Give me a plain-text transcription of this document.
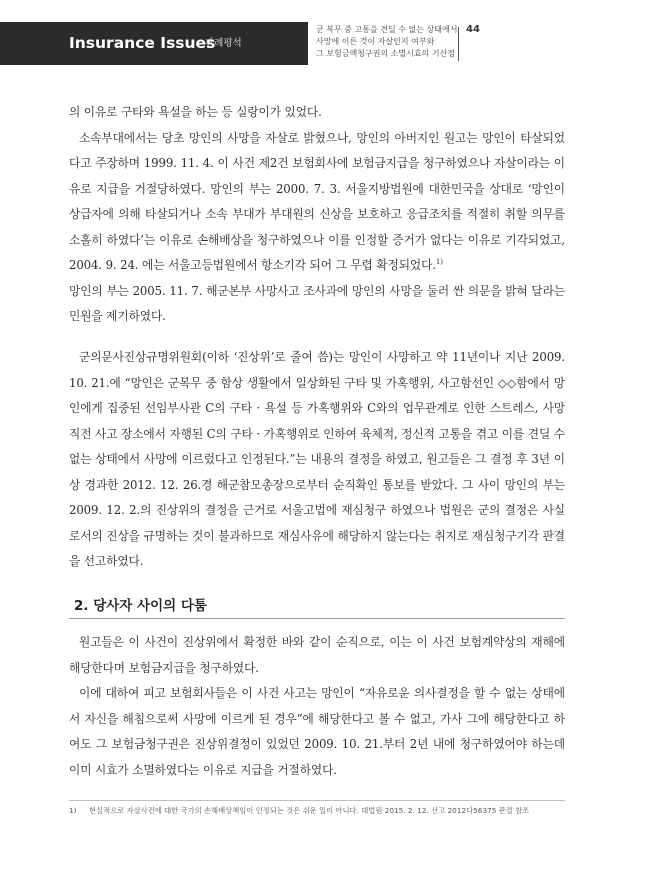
Insurance Issues
판례평석
군 복무 중 고통을 견딜 수 없는 상태에서
사망에 이른 것이 자살인지 여부와
그 보험금액청구권의 소멸시효의 기산점
44

의 이유로 구타와 욕설을 하는 등 실랑이가 있었다.

소속부대에서는 당초 망인의 사망을 자살로 밝혔으나, 망인의 아버지인 원고는 망인이 타살되었다고 주장하며 1999. 11. 4. 이 사건 제2건 보험회사에 보험금지급을 청구하였으나 자살이라는 이유로 지급을 거절당하였다. 망인의 부는 2000. 7. 3. 서울지방법원에 대한민국을 상대로 ‘망인이 상급자에 의해 타살되거나 소속 부대가 부대원의 신상을 보호하고 응급조치를 적절히 취할 의무를 소홀히 하였다’는 이유로 손해배상을 청구하였으나 이를 인정할 증거가 없다는 이유로 기각되었고, 2004. 9. 24. 에는 서울고등법원에서 항소기각 되어 그 무렵 확정되었다.$^{1)}$

망인의 부는 2005. 11. 7. 해군본부 사망사고 조사과에 망인의 사망을 둘러 싼 의문을 밝혀 달라는 민원을 제기하였다.

군의문사진상규명위원회(이하 ‘진상위’로 줄여 씀)는 망인이 사망하고 약 11년이나 지난 2009. 10. 21.에 “망인은 군복무 중 함상 생활에서 일상화된 구타 및 가혹행위, 사고함선인 ◇◇함에서 망인에게 집중된 선임부사관 C의 구타 · 욕설 등 가혹행위와 C와의 업무관계로 인한 스트레스, 사망 직전 사고 장소에서 자행된 C의 구타 · 가혹행위로 인하여 육체적, 정신적 고통을 겪고 이를 견딜 수 없는 상태에서 사망에 이르렀다고 인정된다.”는 내용의 결정을 하였고, 원고들은 그 결정 후 3년 이상 경과한 2012. 12. 26.경 해군참모총장으로부터 순직확인 통보를 받았다. 그 사이 망인의 부는 2009. 12. 2.의 진상위의 결정을 근거로 서울고법에 재심청구 하였으나 법원은 군의 결정은 사실로서의 진상을 규명하는 것이 불과하므로 재심사유에 해당하지 않는다는 취지로 재심청구기각 판결을 선고하였다.

2. 당사자 사이의 다툼

원고들은 이 사건이 진상위에서 확정한 바와 같이 순직으로, 이는 이 사건 보험계약상의 재해에 해당한다며 보험금지급을 청구하였다.

이에 대하여 피고 보험회사들은 이 사건 사고는 망인이 “자유로운 의사결정을 할 수 없는 상태에서 자신을 해침으로써 사망에 이르게 된 경우”에 해당한다고 볼 수 없고, 가사 그에 해당한다고 하여도 그 보험금청구권은 진상위결정이 있었던 2009. 10. 21.부터 2년 내에 청구하였어야 하는데 이미 시효가 소멸하였다는 이유로 지급을 거절하였다.

1) 현실적으로 자살사건에 대한 국가의 손해배상책임이 인정되는 것은 쉬운 일이 아니다. 대법원 2015. 2. 12. 선고 2012다56375 판결 참조
